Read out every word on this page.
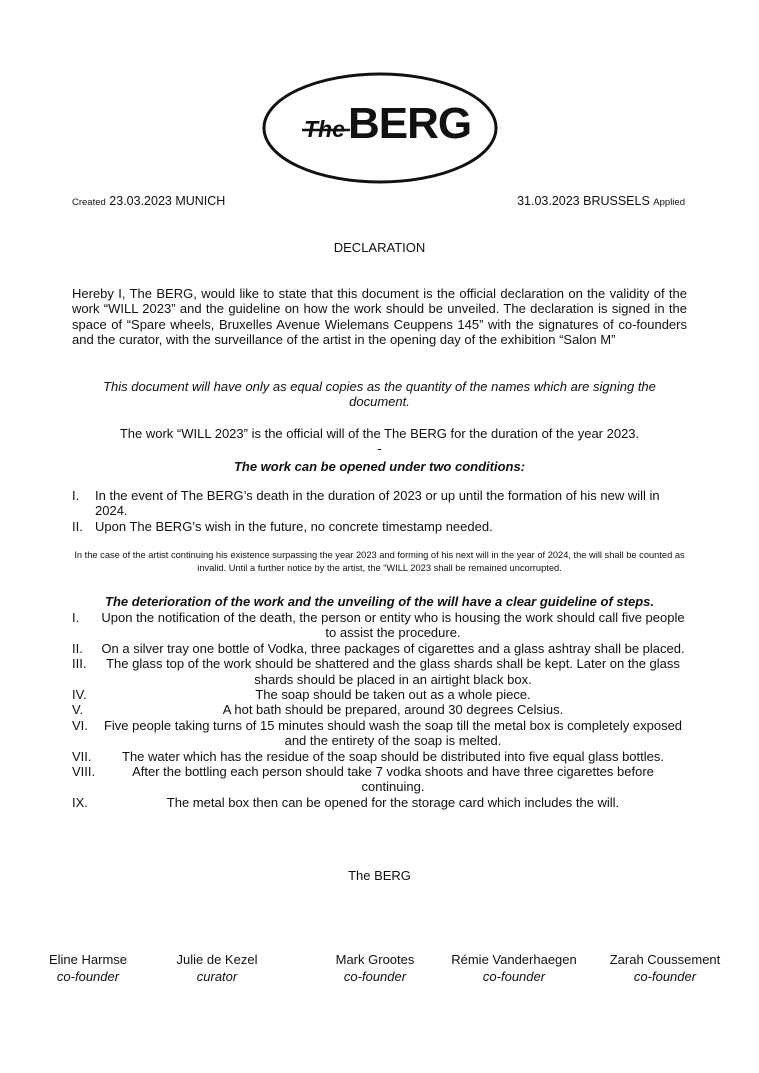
The BERG
Created 23.03.2023 MUNICH	31.03.2023 BRUSSELS Applied
DECLARATION
Hereby I, The BERG, would like to state that this document is the official declaration on the validity of the work “WILL 2023” and the guideline on how the work should be unveiled. The declaration is signed in the space of “Spare wheels, Bruxelles Avenue Wielemans Ceuppens 145” with the signatures of co-founders and the curator, with the surveillance of the artist in the opening day of the exhibition “Salon M”
This document will have only as equal copies as the quantity of the names which are signing the document.
The work “WILL 2023” is the official will of the The BERG for the duration of the year 2023.
-
The work can be opened under two conditions:
I. In the event of The BERG’s death in the duration of 2023 or up until the formation of his new will in 2024.
II. Upon The BERG’s wish in the future, no concrete timestamp needed.
In the case of the artist continuing his existence surpassing the year 2023 and forming of his next will in the year of 2024, the will shall be counted as invalid. Until a further notice by the artist, the “WILL 2023 shall be remained uncorrupted.
The deterioration of the work and the unveiling of the will have a clear guideline of steps.
I. Upon the notification of the death, the person or entity who is housing the work should call five people to assist the procedure.
II. On a silver tray one bottle of Vodka, three packages of cigarettes and a glass ashtray shall be placed.
III. The glass top of the work should be shattered and the glass shards shall be kept. Later on the glass shards should be placed in an airtight black box.
IV.	The soap should be taken out as a whole piece.
V.	A hot bath should be prepared, around 30 degrees Celsius.
VI. Five people taking turns of 15 minutes should wash the soap till the metal box is completely exposed and the entirety of the soap is melted.
VII. The water which has the residue of the soap should be distributed into five equal glass bottles.
VIII.	After the bottling each person should take 7 vodka shoots and have three cigarettes before continuing.
IX.	The metal box then can be opened for the storage card which includes the will.
The BERG
Eline Harmse
co-founder
Julie de Kezel
curator
Mark Grootes
co-founder
Rémie Vanderhaegen
co-founder
Zarah Coussement
co-founder
